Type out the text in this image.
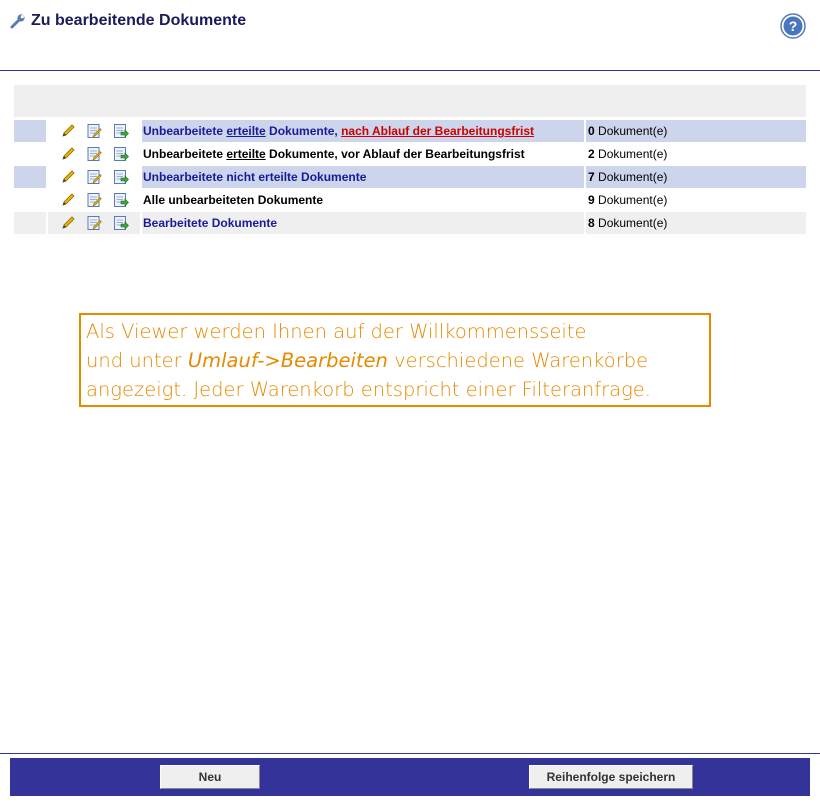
Zu bearbeitende Dokumente	?
Unbearbeitete erteilte Dokumente, nach Ablauf der Bearbeitungsfrist	0 Dokument(e)
Unbearbeitete erteilte Dokumente, vor Ablauf der Bearbeitungsfrist	2 Dokument(e)
Unbearbeitete nicht erteilte Dokumente	7 Dokument(e)
Alle unbearbeiteten Dokumente	9 Dokument(e)
Bearbeitete Dokumente	8 Dokument(e)
Als Viewer werden Ihnen auf der Willkommensseite
und unter Umlauf->Bearbeiten verschiedene Warenkörbe
angezeigt. Jeder Warenkorb entspricht einer Filteranfrage.
Neu	Reihenfolge speichern
